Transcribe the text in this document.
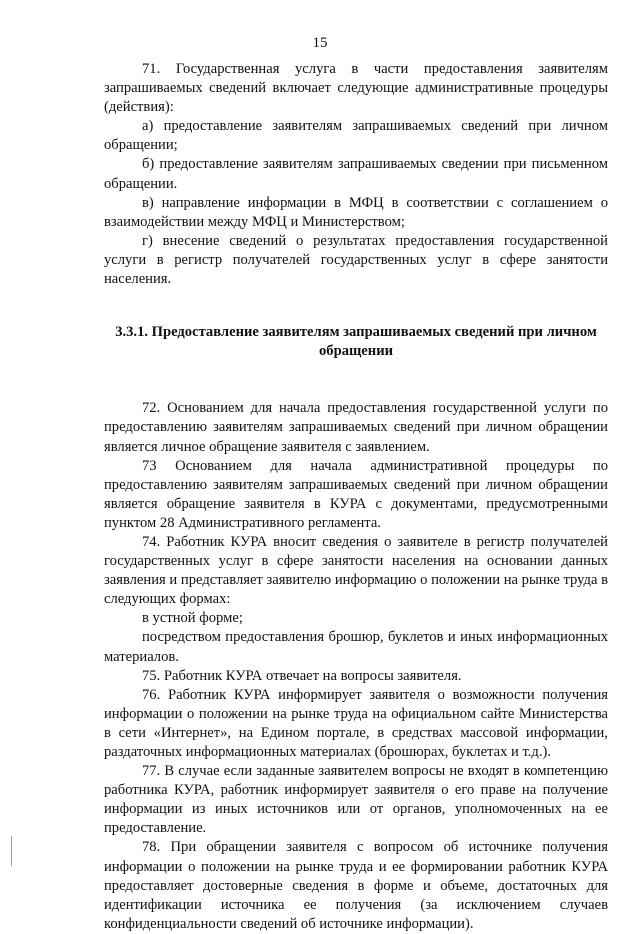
15

71. Государственная услуга в части предоставления заявителям запрашиваемых сведений включает следующие административные процедуры (действия):

а) предоставление заявителям запрашиваемых сведений при личном обращении;

б) предоставление заявителям запрашиваемых сведении при письменном обращении.

в) направление информации в МФЦ в соответствии с соглашением о взаимодействии между МФЦ и Министерством;

г) внесение сведений о результатах предоставления государственной услуги в регистр получателей государственных услуг в сфере занятости населения.

3.3.1. Предоставление заявителям запрашиваемых сведений при личном обращении

72. Основанием для начала предоставления государственной услуги по предоставлению заявителям запрашиваемых сведений при личном обращении является личное обращение заявителя с заявлением.

73 Основанием для начала административной процедуры по предоставлению заявителям запрашиваемых сведений при личном обращении является обращение заявителя в КУРА с документами, предусмотренными пунктом 28 Административного регламента.

74. Работник КУРА вносит сведения о заявителе в регистр получателей государственных услуг в сфере занятости населения на основании данных заявления и представляет заявителю информацию о положении на рынке труда в следующих формах:

в устной форме;

посредством предоставления брошюр, буклетов и иных информационных материалов.

75. Работник КУРА отвечает на вопросы заявителя.

76. Работник КУРА информирует заявителя о возможности получения информации о положении на рынке труда на официальном сайте Министерства в сети «Интернет», на Едином портале, в средствах массовой информации, раздаточных информационных материалах (брошюрах, буклетах и т.д.).

77. В случае если заданные заявителем вопросы не входят в компетенцию работника КУРА, работник информирует заявителя о его праве на получение информации из иных источников или от органов, уполномоченных на ее предоставление.

78. При обращении заявителя с вопросом об источнике получения информации о положении на рынке труда и ее формировании работник КУРА предоставляет достоверные сведения в форме и объеме, достаточных для идентификации источника ее получения (за исключением случаев конфиденциальности сведений об источнике информации).
